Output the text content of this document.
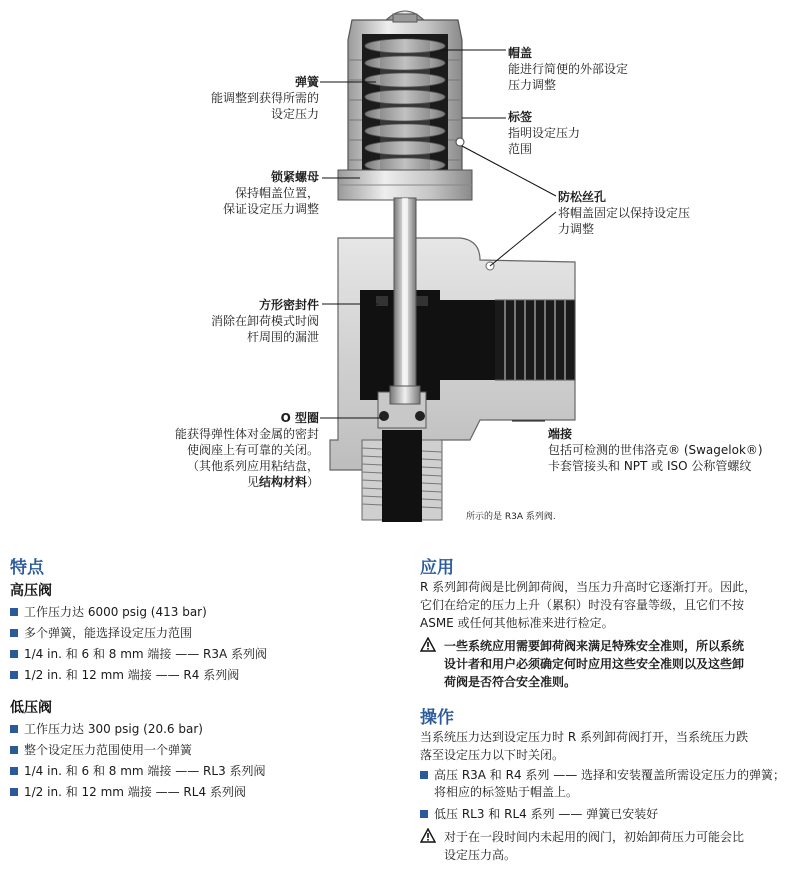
帽盖
能进行简便的外部设定
压力调整
标签
指明设定压力
范围
防松丝孔
将帽盖固定以保持设定压
力调整
弹簧
能调整到获得所需的
设定压力
锁紧螺母
保持帽盖位置，
保证设定压力调整
方形密封件
消除在卸荷模式时阀
杆周围的漏泄
O 型圈
能获得弹性体对金属的密封
使阀座上有可靠的关闭。
（其他系列应用粘结盘，
见结构材料）
端接
包括可检测的世伟洛克® (Swagelok®)
卡套管接头和 NPT 或 ISO 公称管螺纹
所示的是 R3A 系列阀.
特点
高压阀
工作压力达 6000 psig (413 bar)
多个弹簧，能选择设定压力范围
1/4 in. 和 6 和 8 mm 端接 —— R3A 系列阀
1/2 in. 和 12 mm 端接 —— R4 系列阀
低压阀
工作压力达 300 psig (20.6 bar)
整个设定压力范围使用一个弹簧
1/4 in. 和 6 和 8 mm 端接 —— RL3 系列阀
1/2 in. 和 12 mm 端接 —— RL4 系列阀
应用
R 系列卸荷阀是比例卸荷阀，当压力升高时它逐渐打开。因此，
它们在给定的压力上升（累积）时没有容量等级，且它们不按
ASME 或任何其他标准来进行检定。
一些系统应用需要卸荷阀来满足特殊安全准则，所以系统
设计者和用户必须确定何时应用这些安全准则以及这些卸
荷阀是否符合安全准则。
操作
当系统压力达到设定压力时 R 系列卸荷阀打开，当系统压力跌
落至设定压力以下时关闭。
高压 R3A 和 R4 系列 —— 选择和安装覆盖所需设定压力的弹簧；将相应的标签贴于帽盖上。
低压 RL3 和 RL4 系列 —— 弹簧已安装好
对于在一段时间内未起用的阀门，初始卸荷压力可能会比
设定压力高。
